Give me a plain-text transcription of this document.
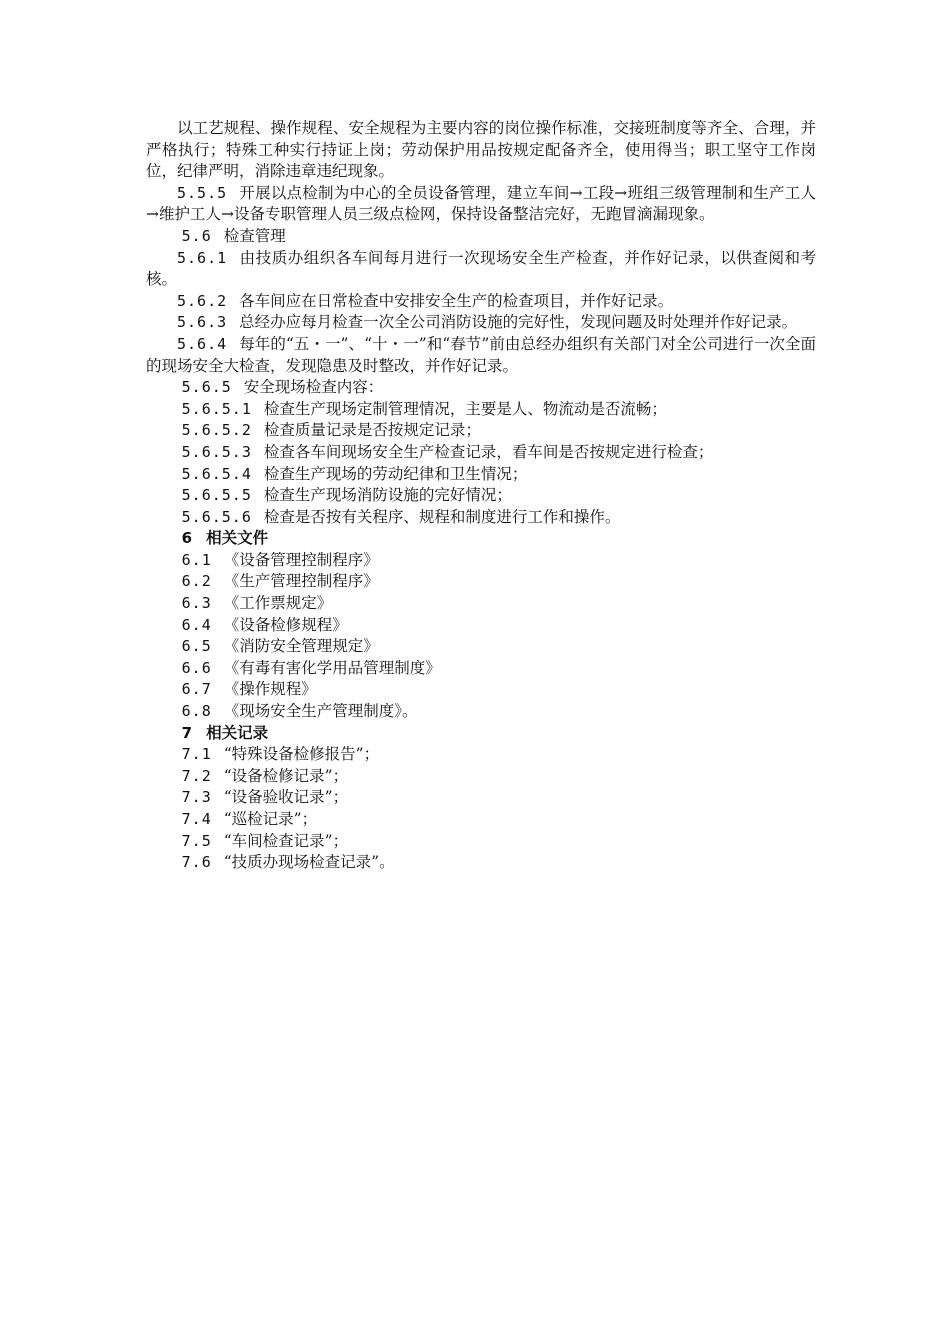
以工艺规程、操作规程、安全规程为主要内容的岗位操作标准，交接班制度等齐全、合理，并严格执行；特殊工种实行持证上岗；劳动保护用品按规定配备齐全，使用得当；职工坚守工作岗位，纪律严明，消除违章违纪现象。

5.5.5 开展以点检制为中心的全员设备管理，建立车间→工段→班组三级管理制和生产工人→维护工人→设备专职管理人员三级点检网，保持设备整洁完好，无跑冒滴漏现象。

5.6 检查管理

5.6.1 由技质办组织各车间每月进行一次现场安全生产检查，并作好记录，以供查阅和考核。

5.6.2 各车间应在日常检查中安排安全生产的检查项目，并作好记录。

5.6.3 总经办应每月检查一次全公司消防设施的完好性，发现问题及时处理并作好记录。

5.6.4 每年的“五・一”、“十・一”和“春节”前由总经办组织有关部门对全公司进行一次全面的现场安全大检查，发现隐患及时整改，并作好记录。

5.6.5 安全现场检查内容：

5.6.5.1 检查生产现场定制管理情况，主要是人、物流动是否流畅；

5.6.5.2 检查质量记录是否按规定记录；

5.6.5.3 检查各车间现场安全生产检查记录，看车间是否按规定进行检查；

5.6.5.4 检查生产现场的劳动纪律和卫生情况；

5.6.5.5 检查生产现场消防设施的完好情况；

5.6.5.6 检查是否按有关程序、规程和制度进行工作和操作。

6 相关文件

6.1 《设备管理控制程序》

6.2 《生产管理控制程序》

6.3 《工作票规定》

6.4 《设备检修规程》

6.5 《消防安全管理规定》

6.6 《有毒有害化学用品管理制度》

6.7 《操作规程》

6.8 《现场安全生产管理制度》。

7 相关记录

7.1 “特殊设备检修报告”；

7.2 “设备检修记录”；

7.3 “设备验收记录”；

7.4 “巡检记录”；

7.5 “车间检查记录”；

7.6 “技质办现场检查记录”。
